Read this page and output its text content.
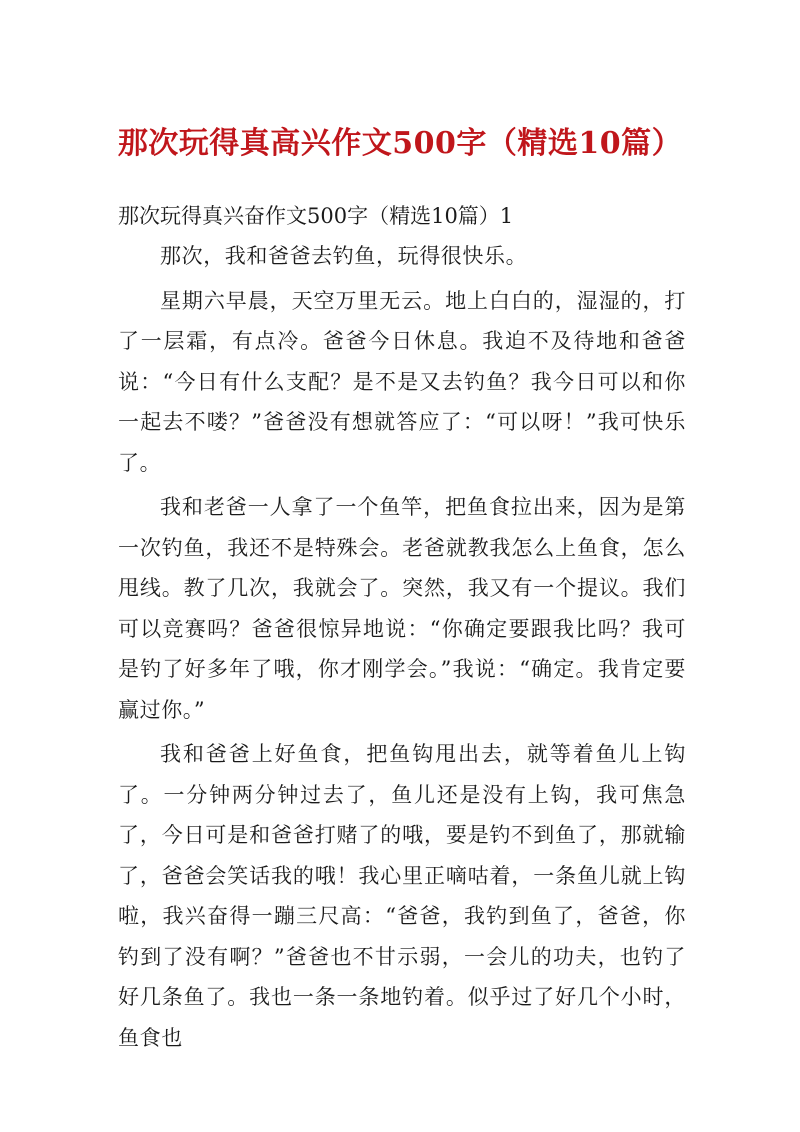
那次玩得真高兴作文500字（精选10篇）

那次玩得真兴奋作文500字（精选10篇）1

那次，我和爸爸去钓鱼，玩得很快乐。

星期六早晨，天空万里无云。地上白白的，湿湿的，打了一层霜，有点冷。爸爸今日休息。我迫不及待地和爸爸说：“今日有什么支配？是不是又去钓鱼？我今日可以和你一起去不喽？”爸爸没有想就答应了：“可以呀！”我可快乐了。

我和老爸一人拿了一个鱼竿，把鱼食拉出来，因为是第一次钓鱼，我还不是特殊会。老爸就教我怎么上鱼食，怎么甩线。教了几次，我就会了。突然，我又有一个提议。我们可以竞赛吗？爸爸很惊异地说：“你确定要跟我比吗？我可是钓了好多年了哦，你才刚学会。”我说：“确定。我肯定要赢过你。”

我和爸爸上好鱼食，把鱼钩甩出去，就等着鱼儿上钩了。一分钟两分钟过去了，鱼儿还是没有上钩，我可焦急了，今日可是和爸爸打赌了的哦，要是钓不到鱼了，那就输了，爸爸会笑话我的哦！我心里正嘀咕着，一条鱼儿就上钩啦，我兴奋得一蹦三尺高：“爸爸，我钓到鱼了，爸爸，你钓到了没有啊？”爸爸也不甘示弱，一会儿的功夫，也钓了好几条鱼了。我也一条一条地钓着。似乎过了好几个小时，鱼食也
